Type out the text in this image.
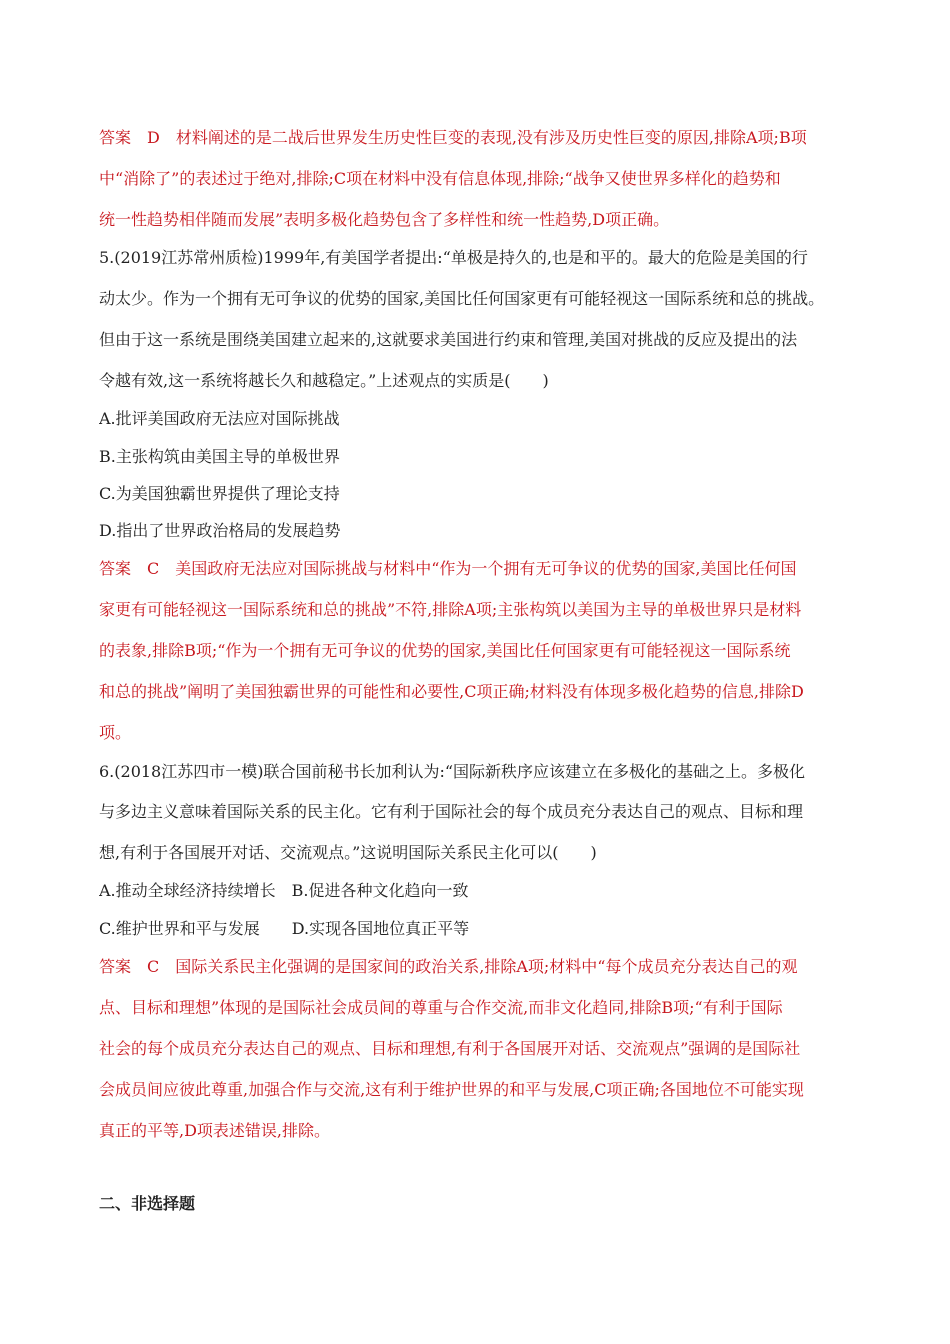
答案　D　材料阐述的是二战后世界发生历史性巨变的表现,没有涉及历史性巨变的原因,排除A项;B项
中“消除了”的表述过于绝对,排除;C项在材料中没有信息体现,排除;“战争又使世界多样化的趋势和
统一性趋势相伴随而发展”表明多极化趋势包含了多样性和统一性趋势,D项正确。
5.(2019江苏常州质检)1999年,有美国学者提出:“单极是持久的,也是和平的。最大的危险是美国的行
动太少。作为一个拥有无可争议的优势的国家,美国比任何国家更有可能轻视这一国际系统和总的挑战。
但由于这一系统是围绕美国建立起来的,这就要求美国进行约束和管理,美国对挑战的反应及提出的法
令越有效,这一系统将越长久和越稳定。”上述观点的实质是(　　)
A.批评美国政府无法应对国际挑战
B.主张构筑由美国主导的单极世界
C.为美国独霸世界提供了理论支持
D.指出了世界政治格局的发展趋势
答案　C　美国政府无法应对国际挑战与材料中“作为一个拥有无可争议的优势的国家,美国比任何国
家更有可能轻视这一国际系统和总的挑战”不符,排除A项;主张构筑以美国为主导的单极世界只是材料
的表象,排除B项;“作为一个拥有无可争议的优势的国家,美国比任何国家更有可能轻视这一国际系统
和总的挑战”阐明了美国独霸世界的可能性和必要性,C项正确;材料没有体现多极化趋势的信息,排除D
项。
6.(2018江苏四市一模)联合国前秘书长加利认为:“国际新秩序应该建立在多极化的基础之上。多极化
与多边主义意味着国际关系的民主化。它有利于国际社会的每个成员充分表达自己的观点、目标和理
想,有利于各国展开对话、交流观点。”这说明国际关系民主化可以(　　)
A.推动全球经济持续增长　B.促进各种文化趋向一致
C.维护世界和平与发展　　D.实现各国地位真正平等
答案　C　国际关系民主化强调的是国家间的政治关系,排除A项;材料中“每个成员充分表达自己的观
点、目标和理想”体现的是国际社会成员间的尊重与合作交流,而非文化趋同,排除B项;“有利于国际
社会的每个成员充分表达自己的观点、目标和理想,有利于各国展开对话、交流观点”强调的是国际社
会成员间应彼此尊重,加强合作与交流,这有利于维护世界的和平与发展,C项正确;各国地位不可能实现
真正的平等,D项表述错误,排除。
二、非选择题
